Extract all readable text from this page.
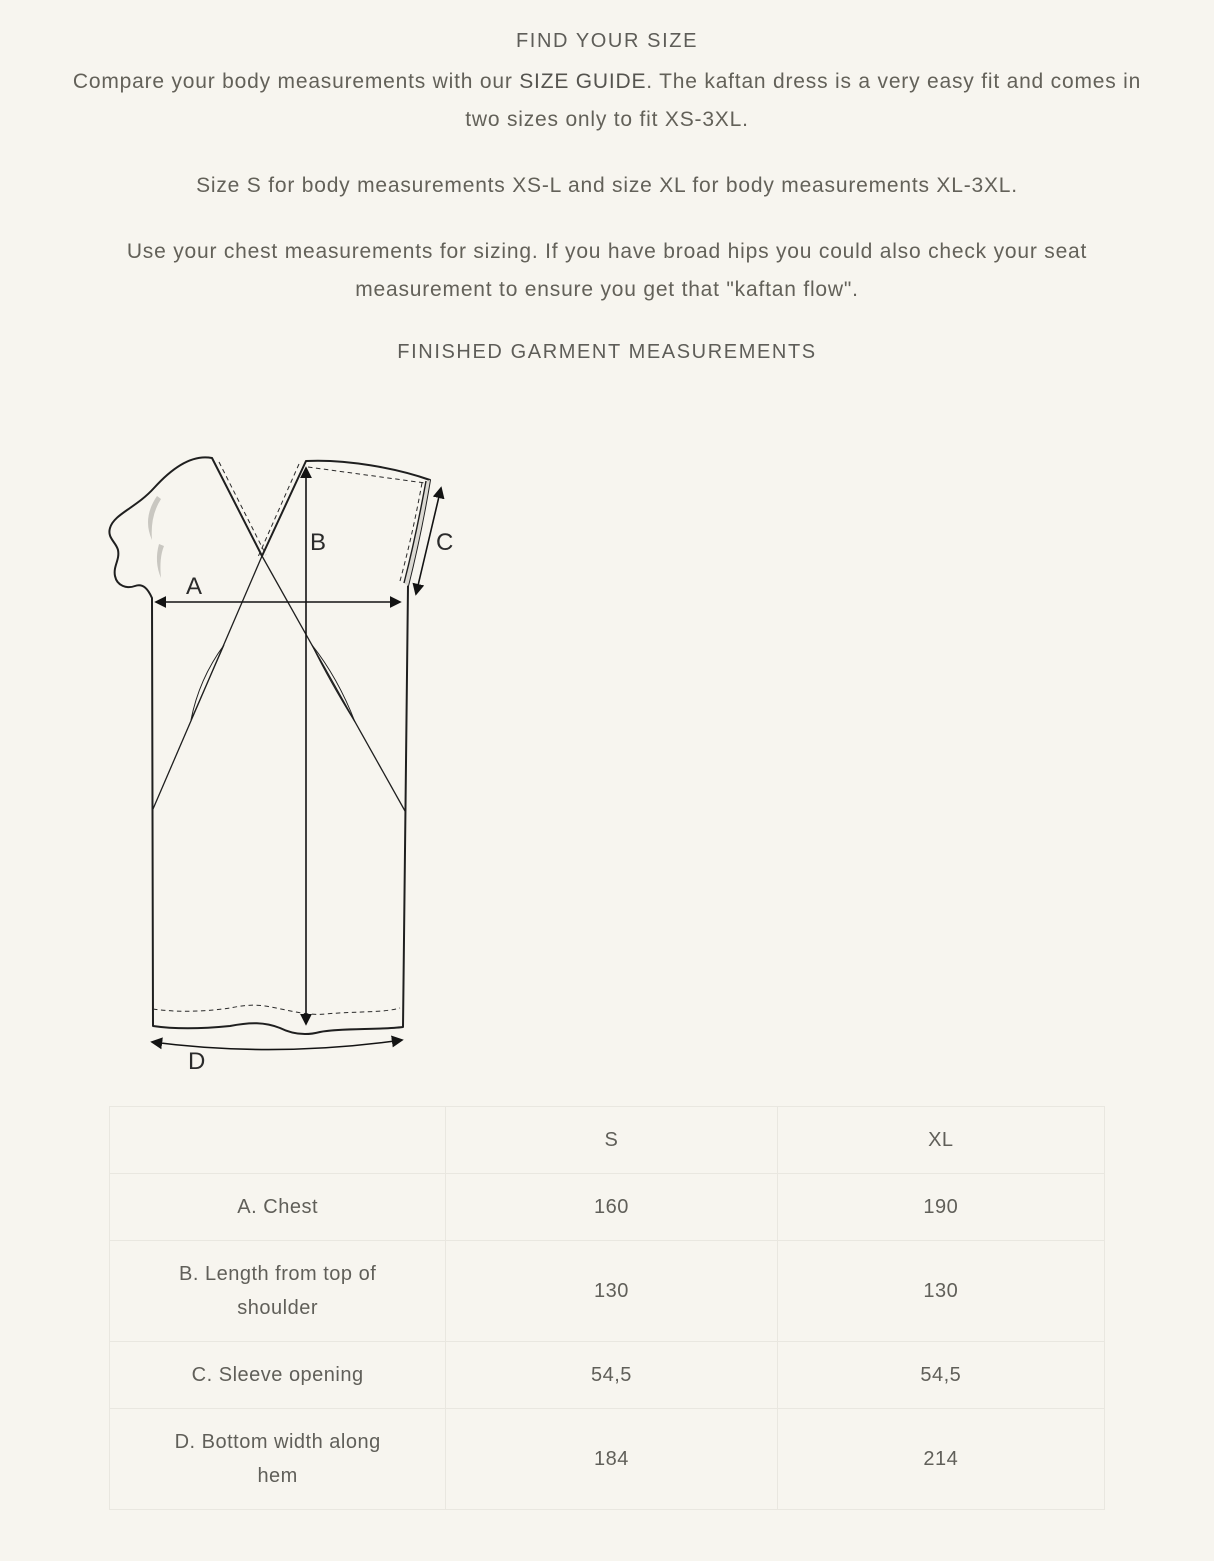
FIND YOUR SIZE

Compare your body measurements with our SIZE GUIDE. The kaftan dress is a very easy fit and comes in two sizes only to fit XS-3XL.

Size S for body measurements XS-L and size XL for body measurements XL-3XL.

Use your chest measurements for sizing. If you have broad hips you could also check your seat measurement to ensure you get that "kaftan flow".

FINISHED GARMENT MEASUREMENTS
A
B	C
D
	S	XL
A. Chest	160	190
B. Length from top of shoulder	130	130
C. Sleeve opening	54,5	54,5
D. Bottom width along hem	184	214
